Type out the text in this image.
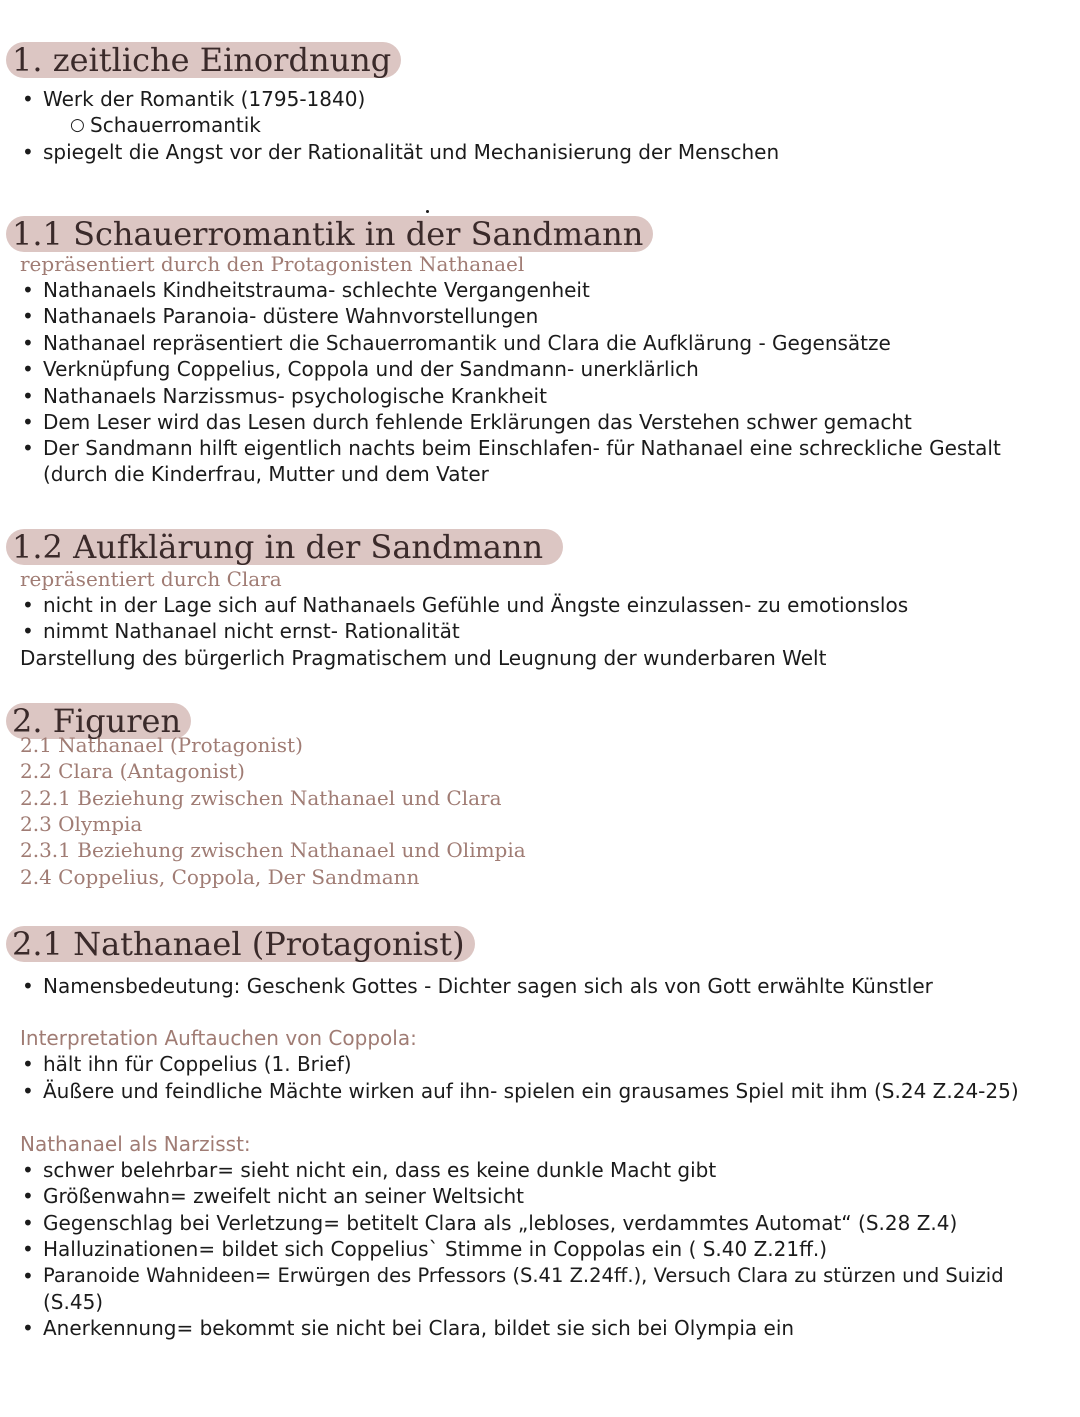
1. zeitliche Einordnung
• Werk der Romantik (1795-1840)
○ Schauerromantik
• spiegelt die Angst vor der Rationalität und Mechanisierung der Menschen
1.1 Schauerromantik in der Sandmann
repräsentiert durch den Protagonisten Nathanael
• Nathanaels Kindheitstrauma- schlechte Vergangenheit
• Nathanaels Paranoia- düstere Wahnvorstellungen
• Nathanael repräsentiert die Schauerromantik und Clara die Aufklärung - Gegensätze
• Verknüpfung Coppelius, Coppola und der Sandmann- unerklärlich
• Nathanaels Narzissmus- psychologische Krankheit
• Dem Leser wird das Lesen durch fehlende Erklärungen das Verstehen schwer gemacht
• Der Sandmann hilft eigentlich nachts beim Einschlafen- für Nathanael eine schreckliche Gestalt
(durch die Kinderfrau, Mutter und dem Vater
1.2 Aufklärung in der Sandmann
repräsentiert durch Clara
• nicht in der Lage sich auf Nathanaels Gefühle und Ängste einzulassen- zu emotionslos
• nimmt Nathanael nicht ernst- Rationalität
Darstellung des bürgerlich Pragmatischem und Leugnung der wunderbaren Welt
2. Figuren
2.1 Nathanael (Protagonist)
2.2 Clara (Antagonist)
2.2.1 Beziehung zwischen Nathanael und Clara
2.3 Olympia
2.3.1 Beziehung zwischen Nathanael und Olimpia
2.4 Coppelius, Coppola, Der Sandmann
2.1 Nathanael (Protagonist)
• Namensbedeutung: Geschenk Gottes - Dichter sagen sich als von Gott erwählte Künstler
Interpretation Auftauchen von Coppola:
• hält ihn für Coppelius (1. Brief)
• Äußere und feindliche Mächte wirken auf ihn- spielen ein grausames Spiel mit ihm (S.24 Z.24-25)
Nathanael als Narzisst:
• schwer belehrbar= sieht nicht ein, dass es keine dunkle Macht gibt
• Größenwahn= zweifelt nicht an seiner Weltsicht
• Gegenschlag bei Verletzung= betitelt Clara als „lebloses, verdammtes Automat“ (S.28 Z.4)
• Halluzinationen= bildet sich Coppelius` Stimme in Coppolas ein ( S.40 Z.21ff.)
• Paranoide Wahnideen= Erwürgen des Prfessors (S.41 Z.24ff.), Versuch Clara zu stürzen und Suizid
(S.45)
• Anerkennung= bekommt sie nicht bei Clara, bildet sie sich bei Olympia ein
